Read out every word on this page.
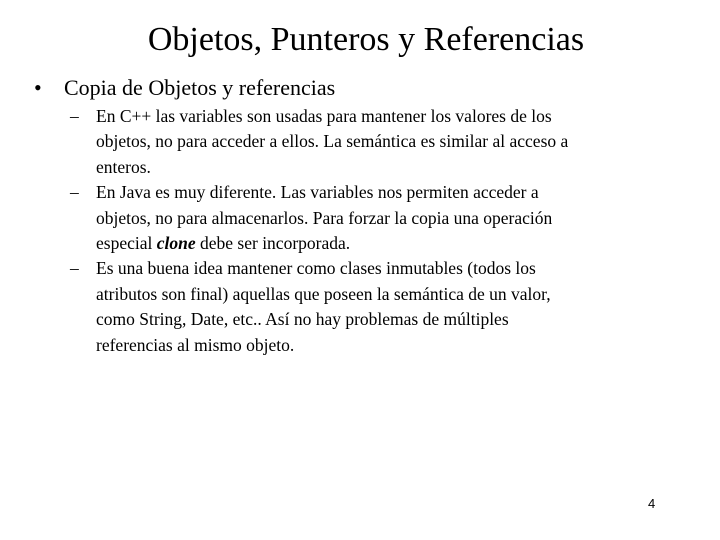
Objetos, Punteros y Referencias
• Copia de Objetos y referencias
– En C++ las variables son usadas para mantener los valores de los
objetos, no para acceder a ellos. La semántica es similar al acceso a
enteros.
– En Java es muy diferente. Las variables nos permiten acceder a
objetos, no para almacenarlos. Para forzar la copia una operación
especial clone debe ser incorporada.
– Es una buena idea mantener como clases inmutables (todos los
atributos son final) aquellas que poseen la semántica de un valor,
como String, Date, etc.. Así no hay problemas de múltiples
referencias al mismo objeto.
4
